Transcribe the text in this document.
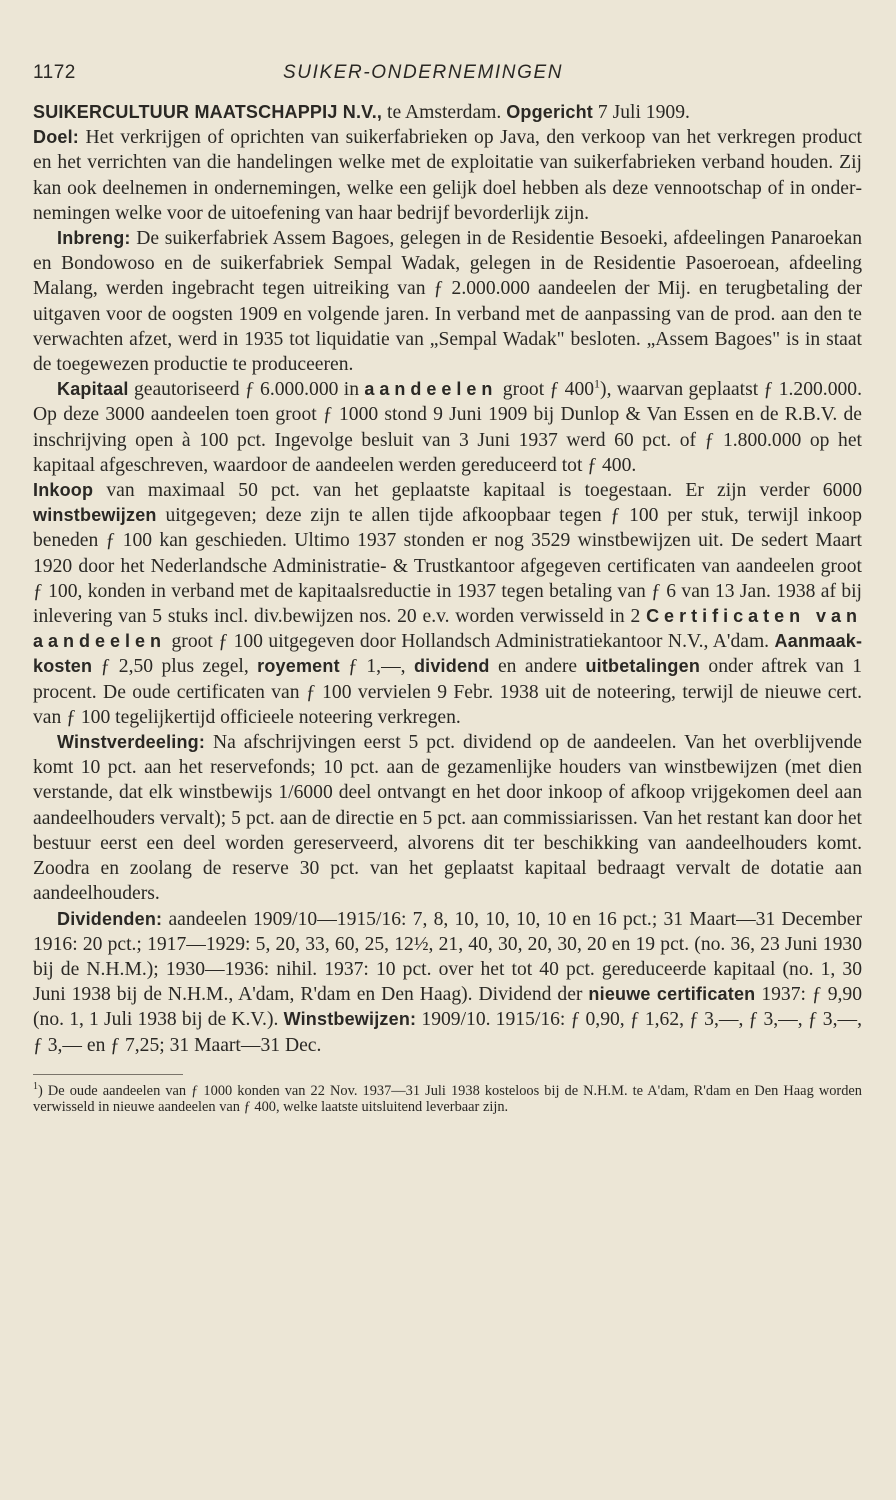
1172	SUIKER-ONDERNEMINGEN

SUIKERCULTUUR MAATSCHAPPIJ N.V., te Amsterdam. Opgericht 7 Juli 1909.

Doel: Het verkrijgen of oprichten van suikerfabrieken op Java, den verkoop van het verkregen product en het verrichten van die handelingen welke met de exploitatie van suikerfabrieken verband houden. Zij kan ook deelnemen in ondernemingen, welke een gelijk doel hebben als deze vennootschap of in ondernemingen welke voor de uitoefening van haar bedrijf bevorderlijk zijn.

Inbreng: De suikerfabriek Assem Bagoes, gelegen in de Residentie Besoeki, afdeelingen Panaroekan en Bondowoso en de suikerfabriek Sempal Wadak, gelegen in de Residentie Pasoeroean, afdeeling Malang, werden ingebracht tegen uitreiking van ƒ 2.000.000 aandeelen der Mij. en terugbetaling der uitgaven voor de oogsten 1909 en volgende jaren. In verband met de aanpassing van de prod. aan den te verwachten afzet, werd in 1935 tot liquidatie van „Sempal Wadak" besloten. „Assem Bagoes" is in staat de toegewezen productie te produceeren.

Kapitaal geautoriseerd ƒ 6.000.000 in aandeelen groot ƒ $400^1$), waarvan geplaatst ƒ 1.200.000. Op deze 3000 aandeelen toen groot ƒ 1000 stond 9 Juni 1909 bij Dunlop & Van Essen en de R.B.V. de inschrijving open à 100 pct. Ingevolge besluit van 3 Juni 1937 werd 60 pct. of ƒ 1.800.000 op het kapitaal afgeschreven, waardoor de aandeelen werden gereduceerd tot ƒ 400.

Inkoop van maximaal 50 pct. van het geplaatste kapitaal is toegestaan. Er zijn verder 6000 winstbewijzen uitgegeven; deze zijn te allen tijde afkoopbaar tegen ƒ 100 per stuk, terwijl inkoop beneden ƒ 100 kan geschieden. Ultimo 1937 stonden er nog 3529 winstbewijzen uit. De sedert Maart 1920 door het Nederlandsche Administratie- & Trustkantoor afgegeven certificaten van aandeelen groot ƒ 100, konden in verband met de kapitaalsreductie in 1937 tegen betaling van ƒ 6 van 13 Jan. 1938 af bij inlevering van 5 stuks incl. div.bewijzen nos. 20 e.v. worden verwisseld in 2 Certificaten van aandeelen groot ƒ 100 uitgegeven door Hollandsch Administratiekantoor N.V., A'dam. Aanmaakkosten ƒ 2,50 plus zegel, royement ƒ 1,—, dividend en andere uitbetalingen onder aftrek van 1 procent. De oude certificaten van ƒ 100 vervielen 9 Febr. 1938 uit de noteering, terwijl de nieuwe cert. van ƒ 100 tegelijkertijd officieele noteering verkregen.

Winstverdeeling: Na afschrijvingen eerst 5 pct. dividend op de aandeelen. Van het overblijvende komt 10 pct. aan het reservefonds; 10 pct. aan de gezamenlijke houders van winstbewijzen (met dien verstande, dat elk winstbewijs 1/6000 deel ontvangt en het door inkoop of afkoop vrijgekomen deel aan aandeelhouders vervalt); 5 pct. aan de directie en 5 pct. aan commissiarissen. Van het restant kan door het bestuur eerst een deel worden gereserveerd, alvorens dit ter beschikking van aandeelhouders komt. Zoodra en zoolang de reserve 30 pct. van het geplaatst kapitaal bedraagt vervalt de dotatie aan aandeelhouders.

Dividenden: aandeelen 1909/10—1915/16: 7, 8, 10, 10, 10, 10 en 16 pct.; 31 Maart—31 December 1916: 20 pct.; 1917—1929: 5, 20, 33, 60, 25, 12½, 21, 40, 30, 20, 30, 20 en 19 pct. (no. 36, 23 Juni 1930 bij de N.H.M.); 1930—1936: nihil. 1937: 10 pct. over het tot 40 pct. gereduceerde kapitaal (no. 1, 30 Juni 1938 bij de N.H.M., A'dam, R'dam en Den Haag). Dividend der nieuwe certificaten 1937: ƒ 9,90 (no. 1, 1 Juli 1938 bij de K.V.). Winstbewijzen: 1909/10. 1915/16: ƒ 0,90, ƒ 1,62, ƒ 3,—, ƒ 3,—, ƒ 3,—, ƒ 3,— en ƒ 7,25; 31 Maart—31 Dec.

$^1$) De oude aandeelen van ƒ 1000 konden van 22 Nov. 1937—31 Juli 1938 kosteloos bij de N.H.M. te A'dam, R'dam en Den Haag worden verwisseld in nieuwe aandeelen van ƒ 400, welke laatste uitsluitend leverbaar zijn.
